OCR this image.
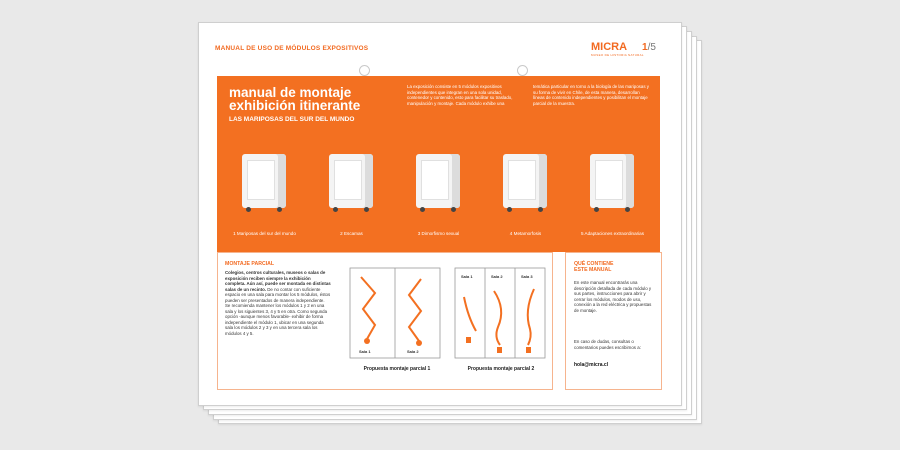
MANUAL DE USO DE MÓDULOS EXPOSITIVOS	MICRA
MUSEO DE HISTORIA NATURAL
1/5
manual de montaje
exhibición itinerante
LAS MARIPOSAS DEL SUR DEL MUNDO
La exposición consiste en 5 módulos expositivos independientes que integran en una sola unidad, contenedor y contenido, esto para facilitar su traslado, manipulación y montaje. Cada módulo exhibe una
temática particular en torno a la biología de las mariposas y su forma de vivir en Chile, de esta manera, desarrollan líneas de contenido independientes y posibilitan el montaje parcial de la muestra.
1 Mariposas del sur del mundo	2 Escamas	3 Dimorfismo sexual	4 Metamorfosis	5 Adaptaciones extraordinarias
MONTAJE PARCIAL
Colegios, centros culturales, museos o salas de exposición reciben siempre la exhibición completa. Aún así, puede ser montada en distintas salas de un recinto. De no contar con suficiente espacio en una sala para montar los 5 módulos, éstos pueden ser presentados de manera independiente. Se recomienda mantener los módulos 1 y 2 en una sala y los siguientes 3, 4 y 5 en otra. Como segunda opción -aunque menos favorable- exhibir de forma independiente el módulo 1, ubicar en una segunda sala los módulos 2 y 3 y en una tercera sala los módulos 4 y 5.
Sala 1	Sala 2
Propuesta montaje parcial 1
Sala 1	Sala 2	Sala 3
Propuesta montaje parcial 2
QUÉ CONTIENE
ESTE MANUAL
En este manual encontrarás una descripción detallada de cada módulo y sus partes, instrucciones para abrir y cerrar los módulos, modos de uso, conexión a la red eléctrica y propuestas de montaje.
En caso de dudas, consultas o comentarios puedes escribirnos a:
hola@micra.cl
